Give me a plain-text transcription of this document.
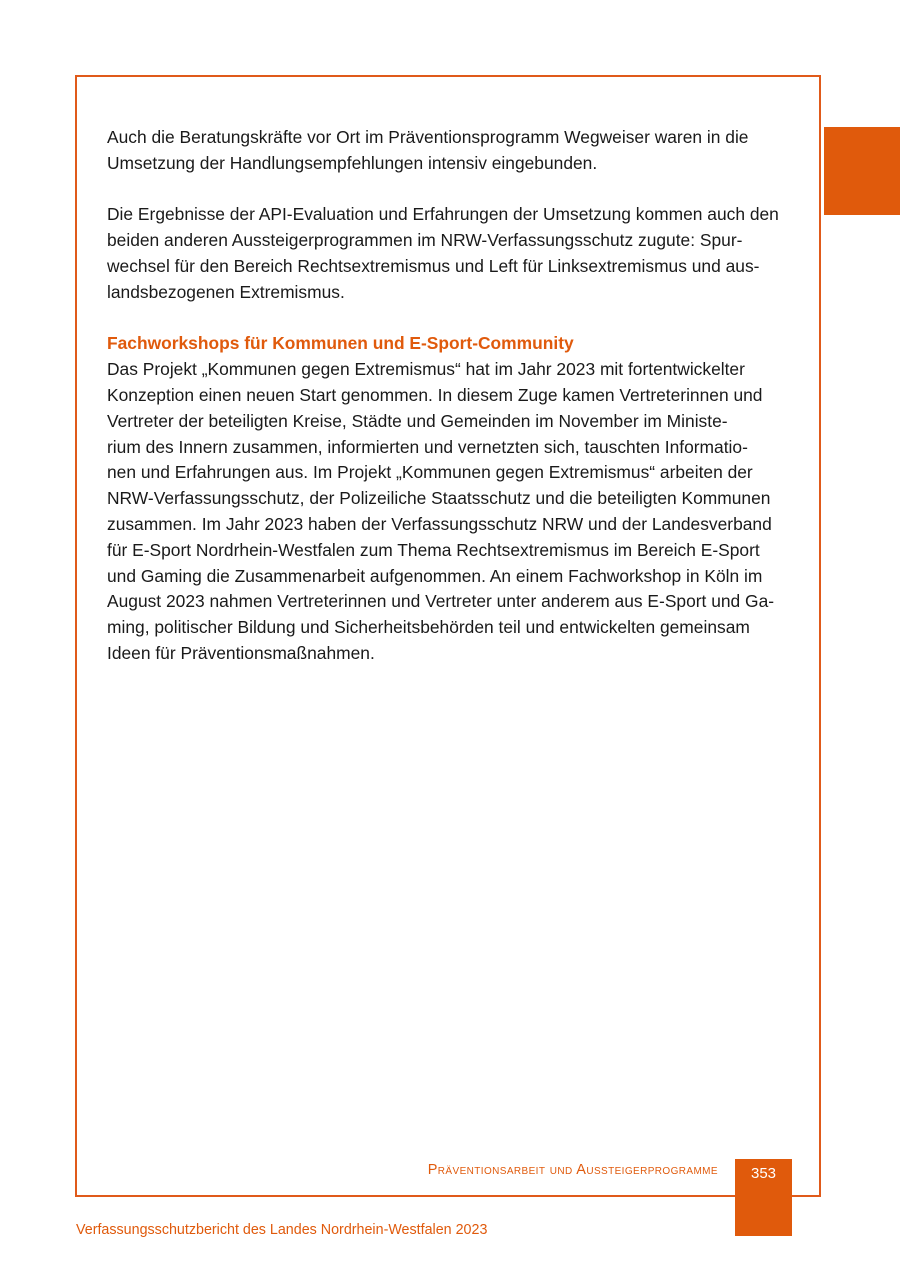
Auch die Beratungskräfte vor Ort im Präventionsprogramm Wegweiser waren in die
Umsetzung der Handlungsempfehlungen intensiv eingebunden.

Die Ergebnisse der API-Evaluation und Erfahrungen der Umsetzung kommen auch den
beiden anderen Aussteigerprogrammen im NRW-Verfassungsschutz zugute: Spur-
wechsel für den Bereich Rechtsextremismus und Left für Linksextremismus und aus-
landsbezogenen Extremismus.

Fachworkshops für Kommunen und E-Sport-Community
Das Projekt „Kommunen gegen Extremismus“ hat im Jahr 2023 mit fortentwickelter
Konzeption einen neuen Start genommen. In diesem Zuge kamen Vertreterinnen und
Vertreter der beteiligten Kreise, Städte und Gemeinden im November im Ministe-
rium des Innern zusammen, informierten und vernetzten sich, tauschten Informatio-
nen und Erfahrungen aus. Im Projekt „Kommunen gegen Extremismus“ arbeiten der
NRW-Verfassungsschutz, der Polizeiliche Staatsschutz und die beteiligten Kommunen
zusammen. Im Jahr 2023 haben der Verfassungsschutz NRW und der Landesverband
für E-Sport Nordrhein-Westfalen zum Thema Rechtsextremismus im Bereich E-Sport
und Gaming die Zusammenarbeit aufgenommen. An einem Fachworkshop in Köln im
August 2023 nahmen Vertreterinnen und Vertreter unter anderem aus E-Sport und Ga-
ming, politischer Bildung und Sicherheitsbehörden teil und entwickelten gemeinsam
Ideen für Präventionsmaßnahmen.
Präventionsarbeit und Aussteigerprogramme	353
Verfassungsschutzbericht des Landes Nordrhein-Westfalen 2023
